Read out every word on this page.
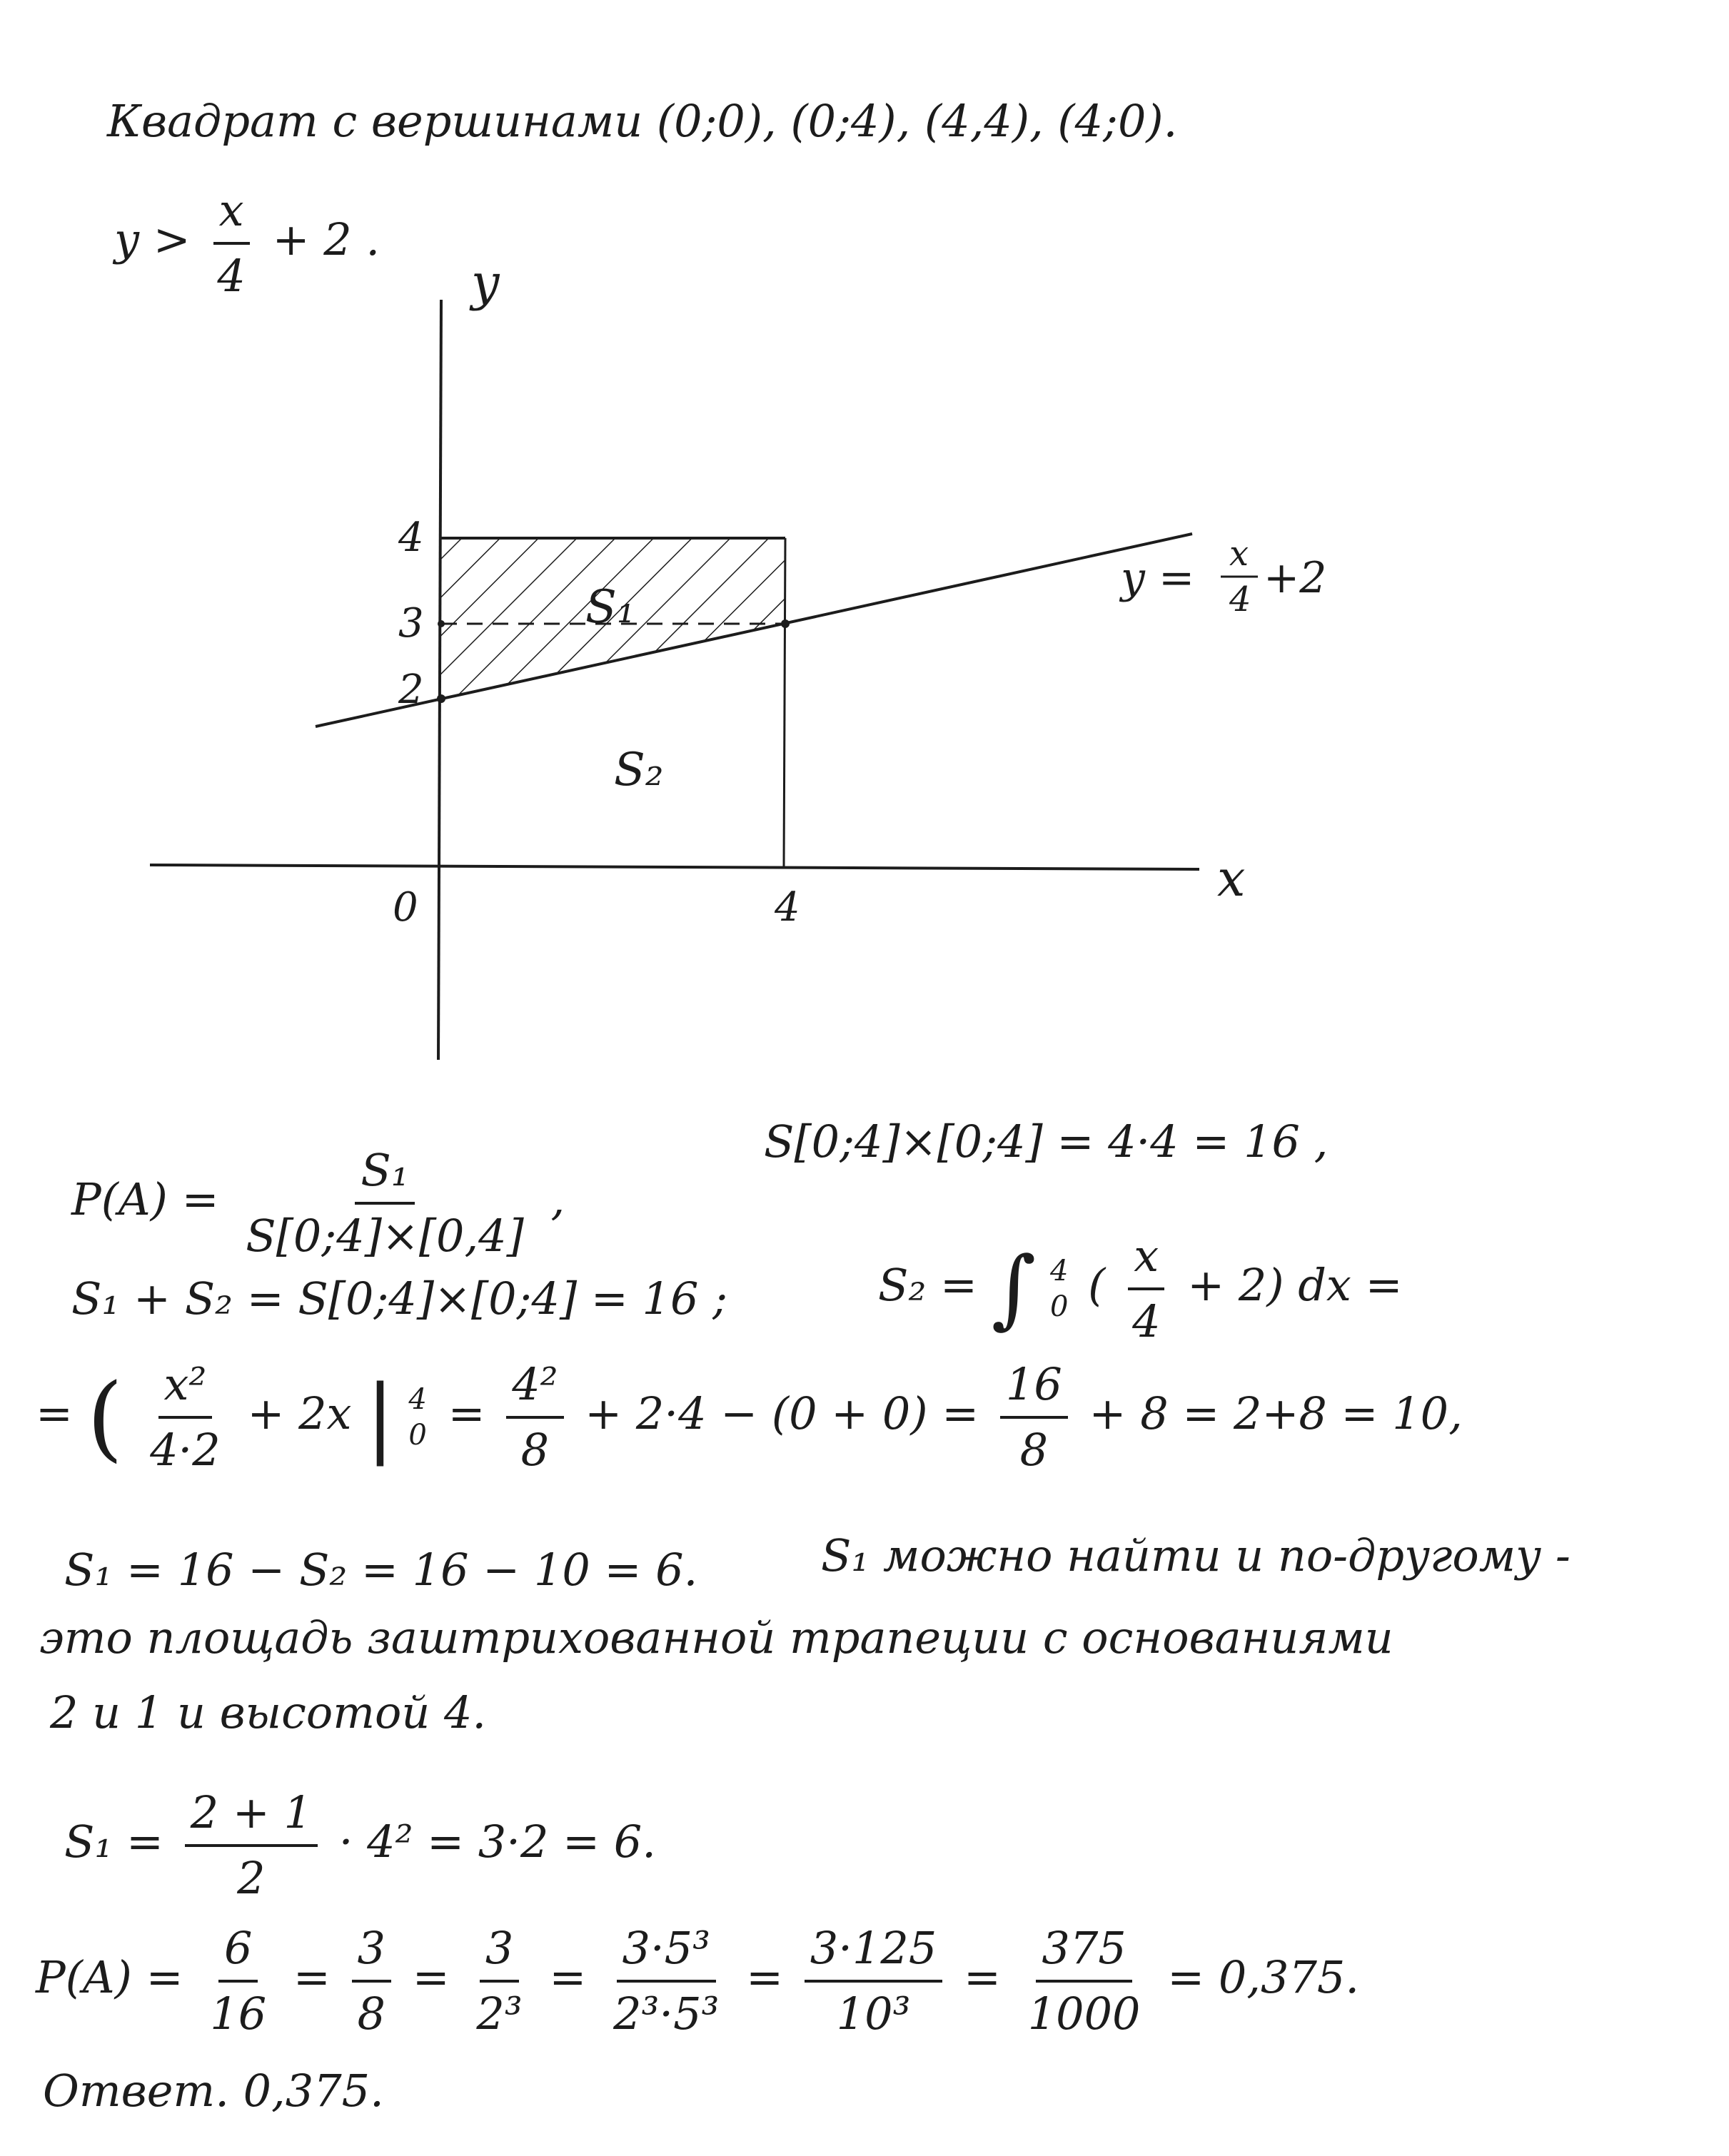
Квадрат с вершинами (0;0), (0;4), (4,4), (4;0).
$y > \frac{x}{4} + 2$ .
y
x
0	4
4
3
2
S₁
S₂
y = x
4 +2
$P(A) = \frac{\text{S₁}}{S[0;4]\times[0,4]}$ ,
S[0;4]×[0;4] = 4·4 = 16 ,
S₁ + S₂ = S[0;4]×[0;4] = 16 ;	S₂ = ∫ 4
0 ( $\frac{x}{4} + 2$) dx =
= ( $\frac{\text{x²}}{4\cdot 2} + 2x$ | 4
$0 = \frac{\text{4²}}{8} + 2\cdot 4 - (0 + 0) = \frac{16}{8} + 8 = 2+8 = 10$,
S₁ = 16 − S₂ = 16 − 10 = 6.	S₁ можно найти и по-другому -
это площадь заштрихованной трапеции с основаниями
2 и 1 и высотой 4.
$S_1 = \frac{2 + 1}{2} \cdot 4^2 = 3\cdot 2 = 6$.
$P(A) = \frac{6}{16} = \frac{3}{8} = \frac{3}{\text{2³}} = \frac{\text{3·5³}}{\text{2³·5³}} = \frac{3\cdot 125}{\text{10³}} = \frac{375}{1000} = 0,375$.
Ответ. 0,375.
